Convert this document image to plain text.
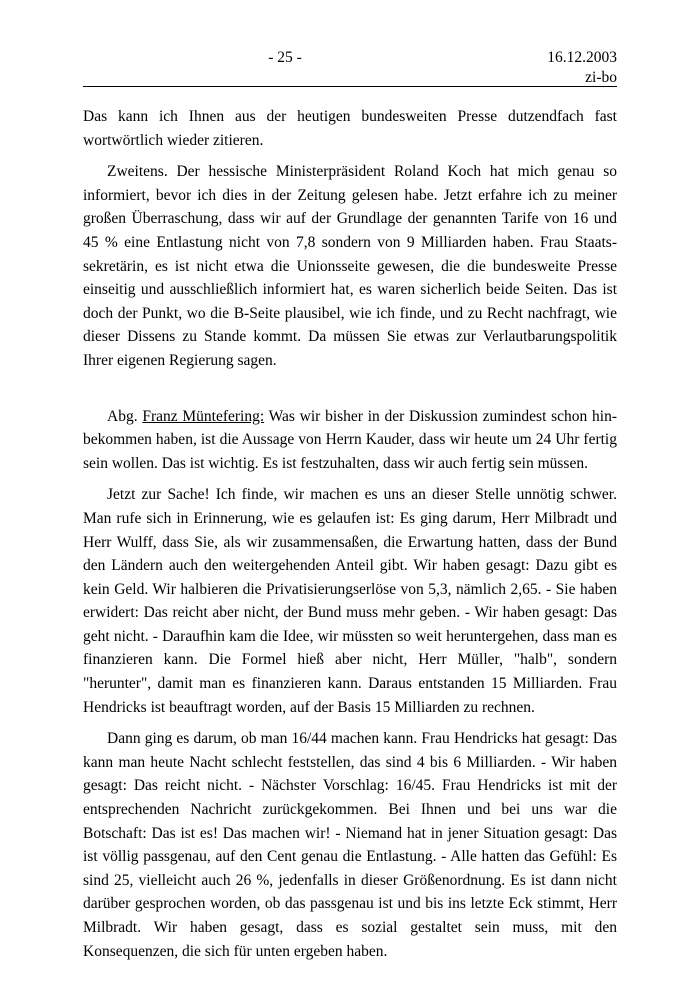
- 25 -	16.12.2003
zi-bo

Das kann ich Ihnen aus der heutigen bundesweiten Presse dutzendfach fast wortwörtlich wieder zitieren.

Zweitens. Der hessische Ministerpräsident Roland Koch hat mich genau so informiert, bevor ich dies in der Zeitung gelesen habe. Jetzt erfahre ich zu meiner großen Überraschung, dass wir auf der Grundlage der genannten Tarife von 16 und 45 % eine Entlastung nicht von 7,8 sondern von 9 Milliarden haben. Frau Staatssekretärin, es ist nicht etwa die Unionsseite gewesen, die die bundesweite Presse einseitig und ausschließlich informiert hat, es waren sicherlich beide Seiten. Das ist doch der Punkt, wo die B-Seite plausibel, wie ich finde, und zu Recht nachfragt, wie dieser Dissens zu Stande kommt. Da müssen Sie etwas zur Verlautbarungspolitik Ihrer eigenen Regierung sagen.

Abg. Franz Müntefering: Was wir bisher in der Diskussion zumindest schon hinbekommen haben, ist die Aussage von Herrn Kauder, dass wir heute um 24 Uhr fertig sein wollen. Das ist wichtig. Es ist festzuhalten, dass wir auch fertig sein müssen.

Jetzt zur Sache! Ich finde, wir machen es uns an dieser Stelle unnötig schwer. Man rufe sich in Erinnerung, wie es gelaufen ist: Es ging darum, Herr Milbradt und Herr Wulff, dass Sie, als wir zusammensaßen, die Erwartung hatten, dass der Bund den Ländern auch den weitergehenden Anteil gibt. Wir haben gesagt: Dazu gibt es kein Geld. Wir halbieren die Privatisierungserlöse von 5,3, nämlich 2,65. - Sie haben erwidert: Das reicht aber nicht, der Bund muss mehr geben. - Wir haben gesagt: Das geht nicht. - Daraufhin kam die Idee, wir müssten so weit heruntergehen, dass man es finanzieren kann. Die Formel hieß aber nicht, Herr Müller, "halb", sondern "herunter", damit man es finanzieren kann. Daraus entstanden 15 Milliarden. Frau Hendricks ist beauftragt worden, auf der Basis 15 Milliarden zu rechnen.

Dann ging es darum, ob man 16/44 machen kann. Frau Hendricks hat gesagt: Das kann man heute Nacht schlecht feststellen, das sind 4 bis 6 Milliarden. - Wir haben gesagt: Das reicht nicht. - Nächster Vorschlag: 16/45. Frau Hendricks ist mit der entsprechenden Nachricht zurückgekommen. Bei Ihnen und bei uns war die Botschaft: Das ist es! Das machen wir! - Niemand hat in jener Situation gesagt: Das ist völlig passgenau, auf den Cent genau die Entlastung. - Alle hatten das Gefühl: Es sind 25, vielleicht auch 26 %, jedenfalls in dieser Größenordnung. Es ist dann nicht darüber gesprochen worden, ob das passgenau ist und bis ins letzte Eck stimmt, Herr Milbradt. Wir haben gesagt, dass es sozial gestaltet sein muss, mit den Konsequenzen, die sich für unten ergeben haben.
